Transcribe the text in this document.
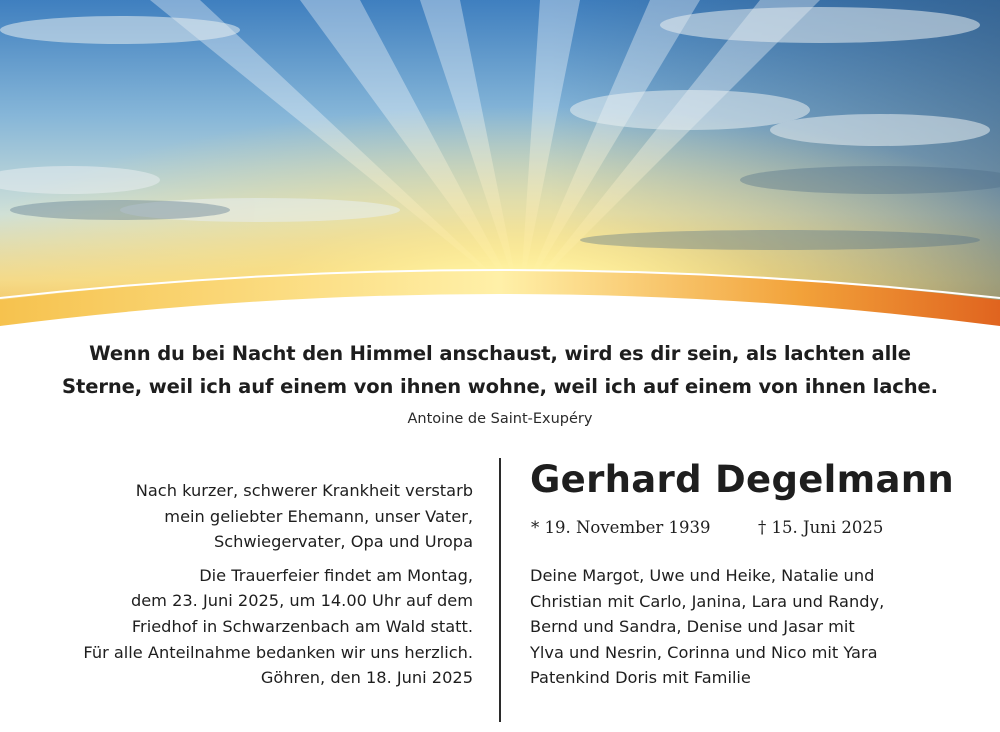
Wenn du bei Nacht den Himmel anschaust, wird es dir sein, als lachten alle
Sterne, weil ich auf einem von ihnen wohne, weil ich auf einem von ihnen lache.
Antoine de Saint-Exupéry
Nach kurzer, schwerer Krankheit verstarb
mein geliebter Ehemann, unser Vater,
Schwiegervater, Opa und Uropa
Die Trauerfeier findet am Montag,
dem 23. Juni 2025, um 14.00 Uhr auf dem
Friedhof in Schwarzenbach am Wald statt.
Für alle Anteilnahme bedanken wir uns herzlich.
Göhren, den 18. Juni 2025
Gerhard Degelmann
* 19. November 1939	† 15. Juni 2025
Deine Margot, Uwe und Heike, Natalie und
Christian mit Carlo, Janina, Lara und Randy,
Bernd und Sandra, Denise und Jasar mit
Ylva und Nesrin, Corinna und Nico mit Yara
Patenkind Doris mit Familie
